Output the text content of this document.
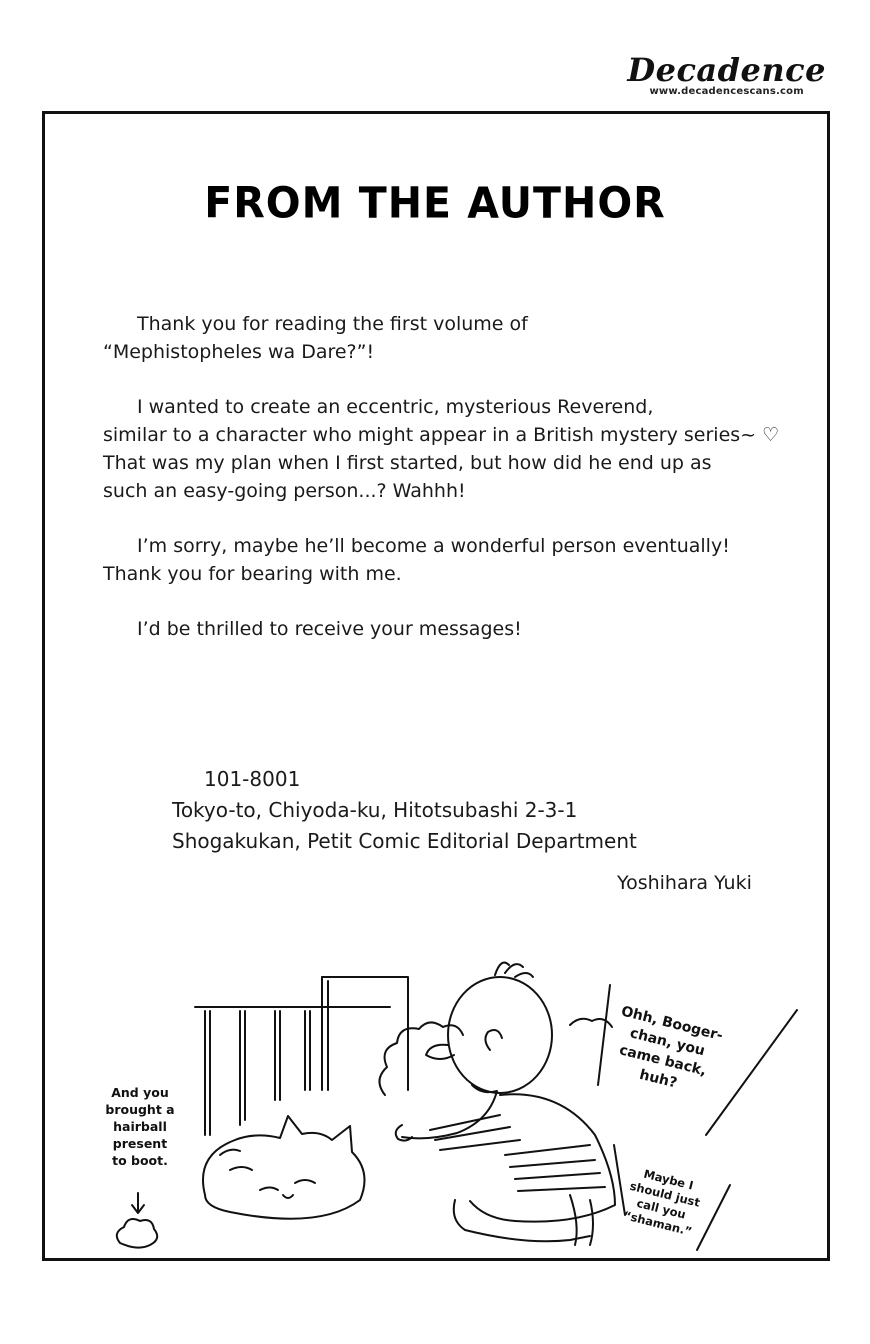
Decadence
www.decadencescans.com
FROM THE AUTHOR

Thank you for reading the first volume of
“Mephistopheles wa Dare?”!

I wanted to create an eccentric, mysterious Reverend,
similar to a character who might appear in a British mystery series~ ♡
That was my plan when I first started, but how did he end up as
such an easy-going person...? Wahhh!

I’m sorry, maybe he’ll become a wonderful person eventually!
Thank you for bearing with me.

I’d be thrilled to receive your messages!

101-8001
Tokyo-to, Chiyoda-ku, Hitotsubashi 2-3-1
Shogakukan, Petit Comic Editorial Department
Yoshihara Yuki
And you brought a hairball present to boot.
Ohh, Booger-chan, you came back, huh?
Maybe I should just call you “shaman.”
